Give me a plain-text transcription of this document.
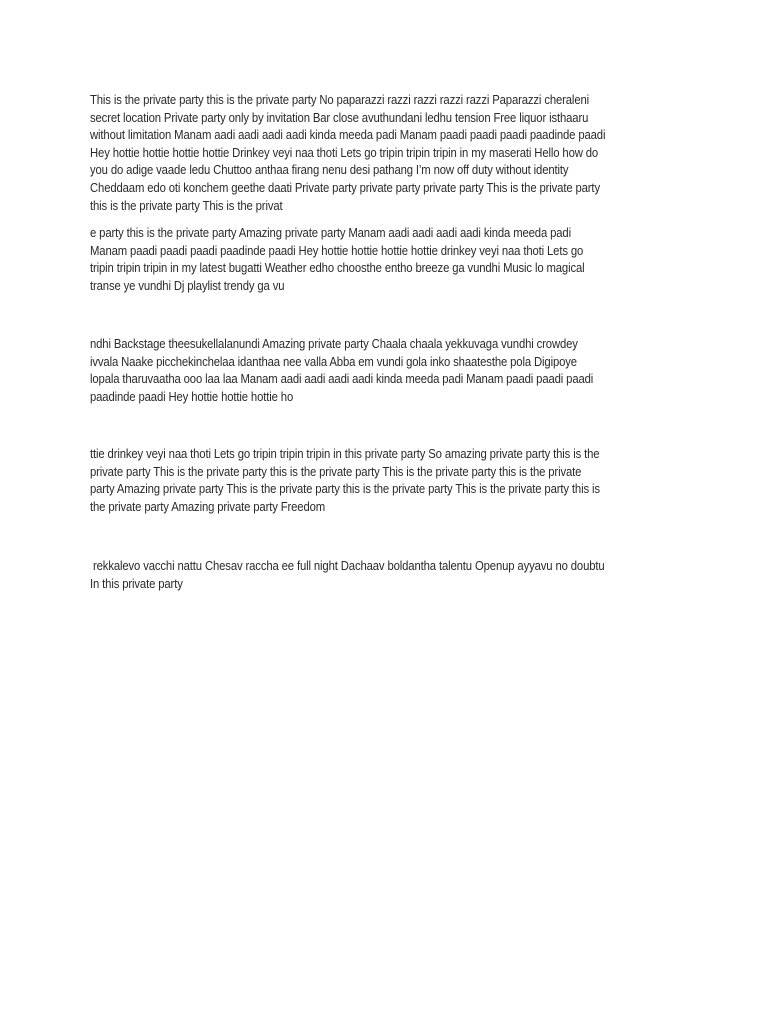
This is the private party this is the private party No paparazzi razzi razzi razzi razzi Paparazzi cheraleni
secret location Private party only by invitation Bar close avuthundani ledhu tension Free liquor isthaaru
without limitation Manam aadi aadi aadi aadi kinda meeda padi Manam paadi paadi paadi paadinde paadi
Hey hottie hottie hottie hottie Drinkey veyi naa thoti Lets go tripin tripin tripin in my maserati Hello how do
you do adige vaade ledu Chuttoo anthaa firang nenu desi pathang I’m now off duty without identity
Cheddaam edo oti konchem geethe daati Private party private party private party This is the private party
this is the private party This is the privat

e party this is the private party Amazing private party Manam aadi aadi aadi aadi kinda meeda padi
Manam paadi paadi paadi paadinde paadi Hey hottie hottie hottie hottie drinkey veyi naa thoti Lets go
tripin tripin tripin in my latest bugatti Weather edho choosthe entho breeze ga vundhi Music lo magical
transe ye vundhi Dj playlist trendy ga vu

ndhi Backstage theesukellalanundi Amazing private party Chaala chaala yekkuvaga vundhi crowdey
ivvala Naake picchekinchelaa idanthaa nee valla Abba em vundi gola inko shaatesthe pola Digipoye
lopala tharuvaatha ooo laa laa Manam aadi aadi aadi aadi kinda meeda padi Manam paadi paadi paadi
paadinde paadi Hey hottie hottie hottie ho

ttie drinkey veyi naa thoti Lets go tripin tripin tripin in this private party So amazing private party this is the
private party This is the private party this is the private party This is the private party this is the private
party Amazing private party This is the private party this is the private party This is the private party this is
the private party Amazing private party Freedom

rekkalevo vacchi nattu Chesav raccha ee full night Dachaav boldantha talentu Openup ayyavu no doubtu
In this private party
